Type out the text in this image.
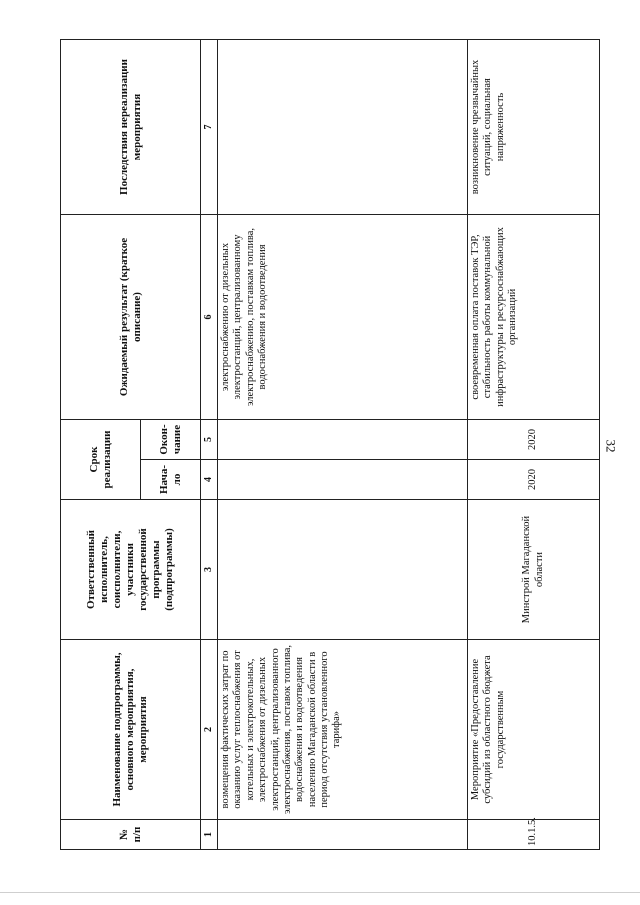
32
№ п/п	Наименование подпрограммы, основного мероприятия, мероприятия	Ответственный исполнитель, соисполнители, участники государственной программы (подпрограммы)	Срок реализации		Ожидаемый результат (краткое описание)	Последствия нереализации мероприятия
			Нача-ло	Окон-чание		
1	2	3	4	5	6	7
	возмещения фактических затрат по оказанию услуг теплоснабжения от котельных и электрокотельных, электроснабжения от дизельных электростанций, централизованного электроснабжения, поставок топлива, водоснабжения и водоотведения населению Магаданской области в период отсутствия установленного тарифа»				электроснабжению от дизельных электростанций, централизованному электроснабжению, поставкам топлива, водоснабжения и водоотведения	
10.1.5.	Мероприятие «Предоставление субсидий из областного бюджета государственным	Минстрой Магаданской области	2020	2020	своевременная оплата поставок ТЭР, стабильность работы коммунальной инфраструктуры и ресурсоснабжающих организаций	возникновение чрезвычайных ситуаций, социальная напряженность
